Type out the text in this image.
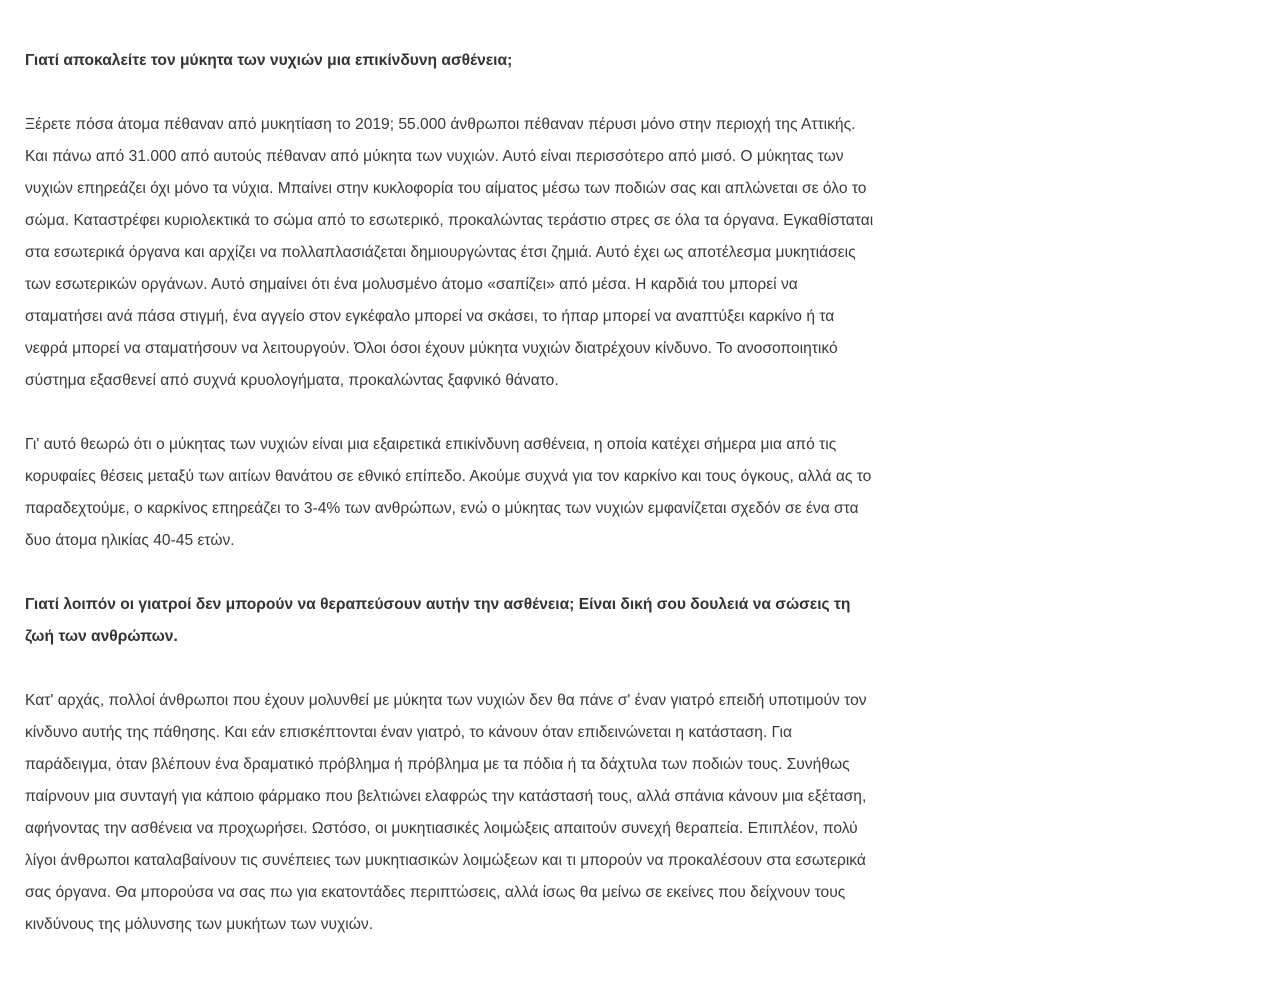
Γιατί αποκαλείτε τον μύκητα των νυχιών μια επικίνδυνη ασθένεια;

Ξέρετε πόσα άτομα πέθαναν από μυκητίαση το 2019; 55.000 άνθρωποι πέθαναν πέρυσι μόνο στην περιοχή της Αττικής. Και πάνω από 31.000 από αυτούς πέθαναν από μύκητα των νυχιών. Αυτό είναι περισσότερο από μισό. Ο μύκητας των νυχιών επηρεάζει όχι μόνο τα νύχια. Μπαίνει στην κυκλοφορία του αίματος μέσω των ποδιών σας και απλώνεται σε όλο το σώμα. Καταστρέφει κυριολεκτικά το σώμα από το εσωτερικό, προκαλώντας τεράστιο στρες σε όλα τα όργανα. Εγκαθίσταται στα εσωτερικά όργανα και αρχίζει να πολλαπλασιάζεται δημιουργώντας έτσι ζημιά. Αυτό έχει ως αποτέλεσμα μυκητιάσεις των εσωτερικών οργάνων. Αυτό σημαίνει ότι ένα μολυσμένο άτομο «σαπίζει» από μέσα. Η καρδιά του μπορεί να σταματήσει ανά πάσα στιγμή, ένα αγγείο στον εγκέφαλο μπορεί να σκάσει, το ήπαρ μπορεί να αναπτύξει καρκίνο ή τα νεφρά μπορεί να σταματήσουν να λειτουργούν. Όλοι όσοι έχουν μύκητα νυχιών διατρέχουν κίνδυνο. Το ανοσοποιητικό σύστημα εξασθενεί από συχνά κρυολογήματα, προκαλώντας ξαφνικό θάνατο.

Γι' αυτό θεωρώ ότι ο μύκητας των νυχιών είναι μια εξαιρετικά επικίνδυνη ασθένεια, η οποία κατέχει σήμερα μια από τις κορυφαίες θέσεις μεταξύ των αιτίων θανάτου σε εθνικό επίπεδο. Ακούμε συχνά για τον καρκίνο και τους όγκους, αλλά ας το παραδεχτούμε, ο καρκίνος επηρεάζει το 3-4% των ανθρώπων, ενώ ο μύκητας των νυχιών εμφανίζεται σχεδόν σε ένα στα δυο άτομα ηλικίας 40-45 ετών.

Γιατί λοιπόν οι γιατροί δεν μπορούν να θεραπεύσουν αυτήν την ασθένεια; Είναι δική σου δουλειά να σώσεις τη ζωή των ανθρώπων.

Κατ' αρχάς, πολλοί άνθρωποι που έχουν μολυνθεί με μύκητα των νυχιών δεν θα πάνε σ' έναν γιατρό επειδή υποτιμούν τον κίνδυνο αυτής της πάθησης. Και εάν επισκέπτονται έναν γιατρό, το κάνουν όταν επιδεινώνεται η κατάσταση. Για παράδειγμα, όταν βλέπουν ένα δραματικό πρόβλημα ή πρόβλημα με τα πόδια ή τα δάχτυλα των ποδιών τους. Συνήθως παίρνουν μια συνταγή για κάποιο φάρμακο που βελτιώνει ελαφρώς την κατάστασή τους, αλλά σπάνια κάνουν μια εξέταση, αφήνοντας την ασθένεια να προχωρήσει. Ωστόσο, οι μυκητιασικές λοιμώξεις απαιτούν συνεχή θεραπεία. Επιπλέον, πολύ λίγοι άνθρωποι καταλαβαίνουν τις συνέπειες των μυκητιασικών λοιμώξεων και τι μπορούν να προκαλέσουν στα εσωτερικά σας όργανα. Θα μπορούσα να σας πω για εκατοντάδες περιπτώσεις, αλλά ίσως θα μείνω σε εκείνες που δείχνουν τους κινδύνους της μόλυνσης των μυκήτων των νυχιών.
